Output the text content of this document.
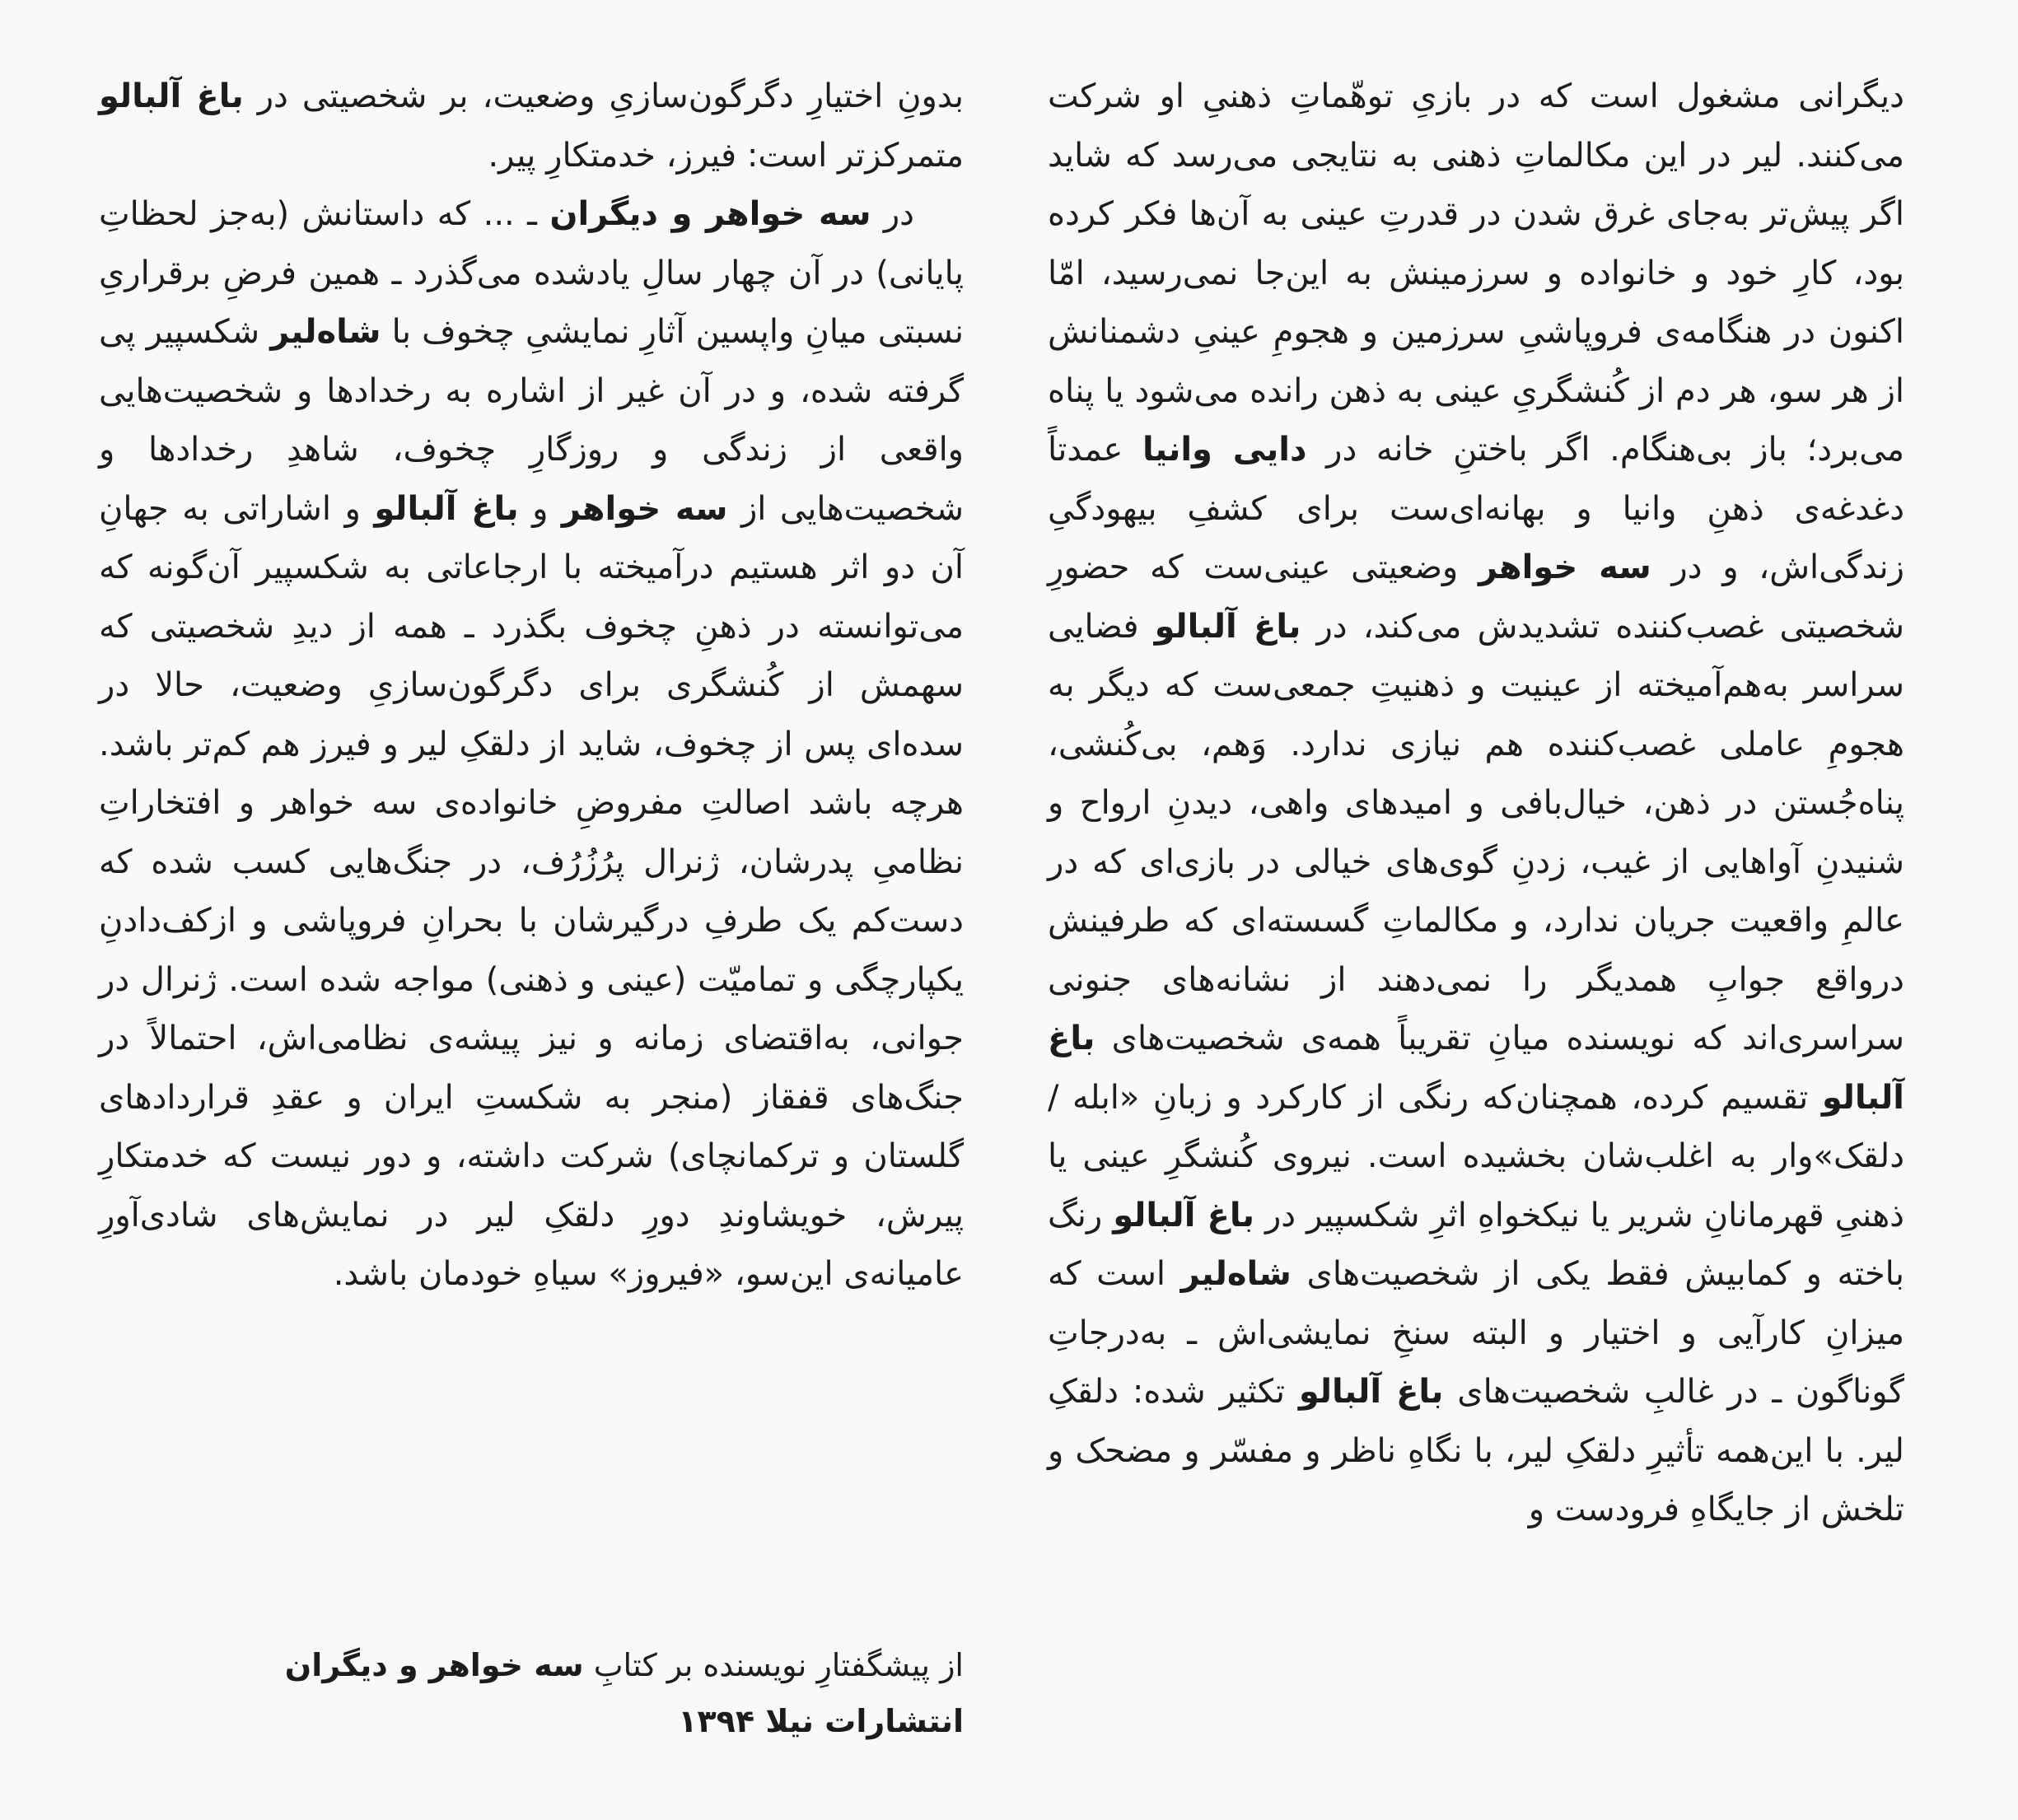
دیگرانی مشغول است که در بازیِ توهّماتِ ذهنیِ او شرکت می‌کنند. لیر در این مکالماتِ ذهنی به نتایجی می‌رسد که شاید اگر پیش‌تر به‌جای غرق شدن در قدرتِ عینی به آن‌ها فکر کرده بود، کارِ خود و خانواده و سرزمینش به این‌جا نمی‌رسید، امّا اکنون در هنگامه‌ی فروپاشیِ سرزمین و هجومِ عینیِ دشمنانش از هر سو، هر دم از کُنشگریِ عینی به ذهن رانده می‌شود یا پناه می‌برد؛ باز بی‌هنگام. اگر باختنِ خانه در دایی وانیا عمدتاً دغدغه‌ی ذهنِ وانیا و بهانه‌ای‌ست برای کشفِ بیهودگیِ زندگی‌اش، و در سه خواهر وضعیتی عینی‌ست که حضورِ شخصیتی غصب‌کننده تشدیدش می‌کند، در باغ آلبالو فضایی سراسر به‌هم‌آمیخته از عینیت و ذهنیتِ جمعی‌ست که دیگر به هجومِ عاملی غصب‌کننده هم نیازی ندارد. وَهم، بی‌کُنشی، پناه‌جُستن در ذهن، خیال‌بافی و امیدهای واهی، دیدنِ ارواح و شنیدنِ آواهایی از غیب، زدنِ گوی‌های خیالی در بازی‌ای که در عالمِ واقعیت جریان ندارد، و مکالماتِ گسسته‌ای که طرفینش درواقع جوابِ همدیگر را نمی‌دهند از نشانه‌های جنونی سراسری‌اند که نویسنده میانِ تقریباً همه‌ی شخصیت‌های باغ آلبالو تقسیم کرده، همچنان‌که رنگی از کارکرد و زبانِ «ابله / دلقک»وار به اغلب‌شان بخشیده است. نیروی کُنشگرِ عینی یا ذهنیِ قهرمانانِ شریر یا نیکخواهِ اثرِ شکسپیر در باغ آلبالو رنگ باخته و کمابیش فقط یکی از شخصیت‌های شاه‌لیر است که میزانِ کارآیی و اختیار و البته سنخِ نمایشی‌اش ـ به‌درجاتِ گوناگون ـ در غالبِ شخصیت‌های باغ آلبالو تکثیر شده: دلقکِ لیر. با این‌همه تأثیرِ دلقکِ لیر، با نگاهِ ناظر و مفسّر و مضحک و تلخش از جایگاهِ فرودست و

بدونِ اختیارِ دگرگون‌سازیِ وضعیت، بر شخصیتی در باغ آلبالو متمرکزتر است: فیرز، خدمتکارِ پیر.

در سه خواهر و دیگران ـ ... که داستانش (به‌جز لحظاتِ پایانی) در آن چهار سالِ یادشده می‌گذرد ـ همین فرضِ برقراریِ نسبتی میانِ واپسین آثارِ نمایشیِ چخوف با شاه‌لیر شکسپیر پی گرفته شده، و در آن غیر از اشاره به رخدادها و شخصیت‌هایی واقعی از زندگی و روزگارِ چخوف، شاهدِ رخدادها و شخصیت‌هایی از سه خواهر و باغ آلبالو و اشاراتی به جهانِ آن دو اثر هستیم درآمیخته با ارجاعاتی به شکسپیر آن‌گونه که می‌توانسته در ذهنِ چخوف بگذرد ـ همه از دیدِ شخصیتی که سهمش از کُنشگری برای دگرگون‌سازیِ وضعیت، حالا در سده‌ای پس از چخوف، شاید از دلقکِ لیر و فیرز هم کم‌تر باشد. هرچه باشد اصالتِ مفروضِ خانواده‌ی سه خواهر و افتخاراتِ نظامیِ پدرشان، ژنرال پرُزُرُف، در جنگ‌هایی کسب شده که دست‌کم یک طرفِ درگیرشان با بحرانِ فروپاشی و ازکف‌دادنِ یکپارچگی و تمامیّت (عینی و ذهنی) مواجه شده است. ژنرال در جوانی، به‌اقتضای زمانه و نیز پیشه‌ی نظامی‌اش، احتمالاً در جنگ‌های قفقاز (منجر به شکستِ ایران و عقدِ قراردادهای گلستان و ترکمانچای) شرکت داشته، و دور نیست که خدمتکارِ پیرش، خویشاوندِ دورِ دلقکِ لیر در نمایش‌های شادی‌آورِ عامیانه‌ی این‌سو، «فیروز» سیاهِ خودمان باشد.

از پیشگفتارِ نویسنده بر کتابِ سه خواهر و دیگران

انتشارات نیلا ۱۳۹۴
